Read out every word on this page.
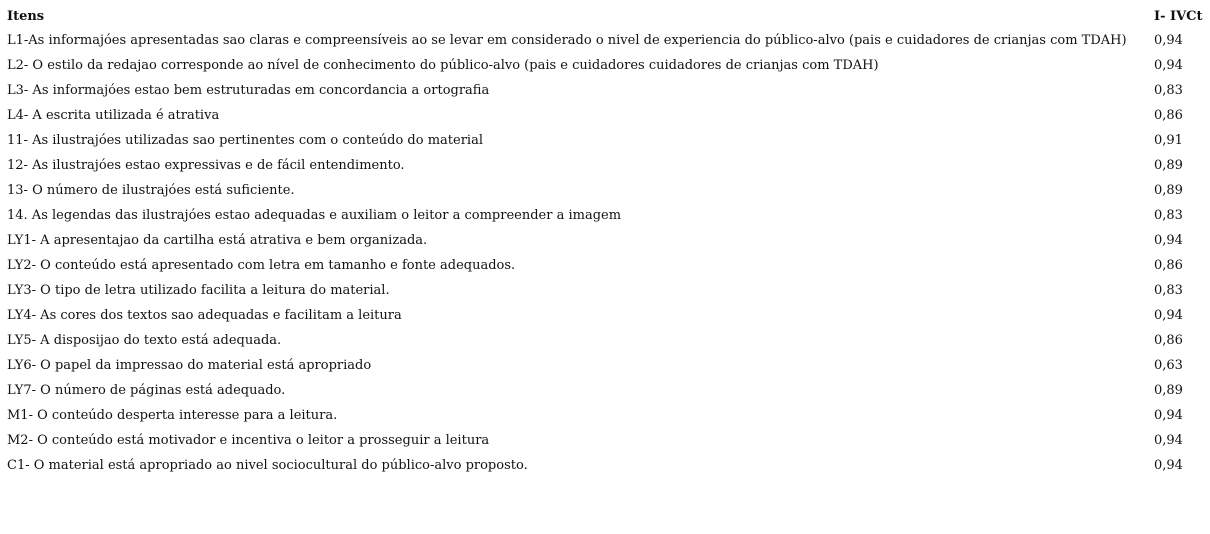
Itens	I- IVCt
L1-As informajóes apresentadas sao claras e compreensíveis ao se levar em considerado o nivel de experiencia do público-alvo (pais e cuidadores de crianjas com TDAH) 0,94
L2- O estilo da redajao corresponde ao nível de conhecimento do público-alvo (pais e cuidadores cuidadores de crianjas com TDAH)	0,94
L3- As informajóes estao bem estruturadas em concordancia a ortografia	0,83
L4- A escrita utilizada é atrativa	0,86
11- As ilustrajóes utilizadas sao pertinentes com o conteúdo do material	0,91
12- As ilustrajóes estao expressivas e de fácil entendimento.	0,89
13- O número de ilustrajóes está suficiente.	0,89
14. As legendas das ilustrajóes estao adequadas e auxiliam o leitor a compreender a imagem	0,83
LY1- A apresentajao da cartilha está atrativa e bem organizada.	0,94
LY2- O conteúdo está apresentado com letra em tamanho e fonte adequados.	0,86
LY3- O tipo de letra utilizado facilita a leitura do material.	0,83
LY4- As cores dos textos sao adequadas e facilitam a leitura	0,94
LY5- A disposijao do texto está adequada.	0,86
LY6- O papel da impressao do material está apropriado	0,63
LY7- O número de páginas está adequado.	0,89
M1- O conteúdo desperta interesse para a leitura.	0,94
M2- O conteúdo está motivador e incentiva o leitor a prosseguir a leitura	0,94
C1- O material está apropriado ao nivel sociocultural do público-alvo proposto.	0,94
